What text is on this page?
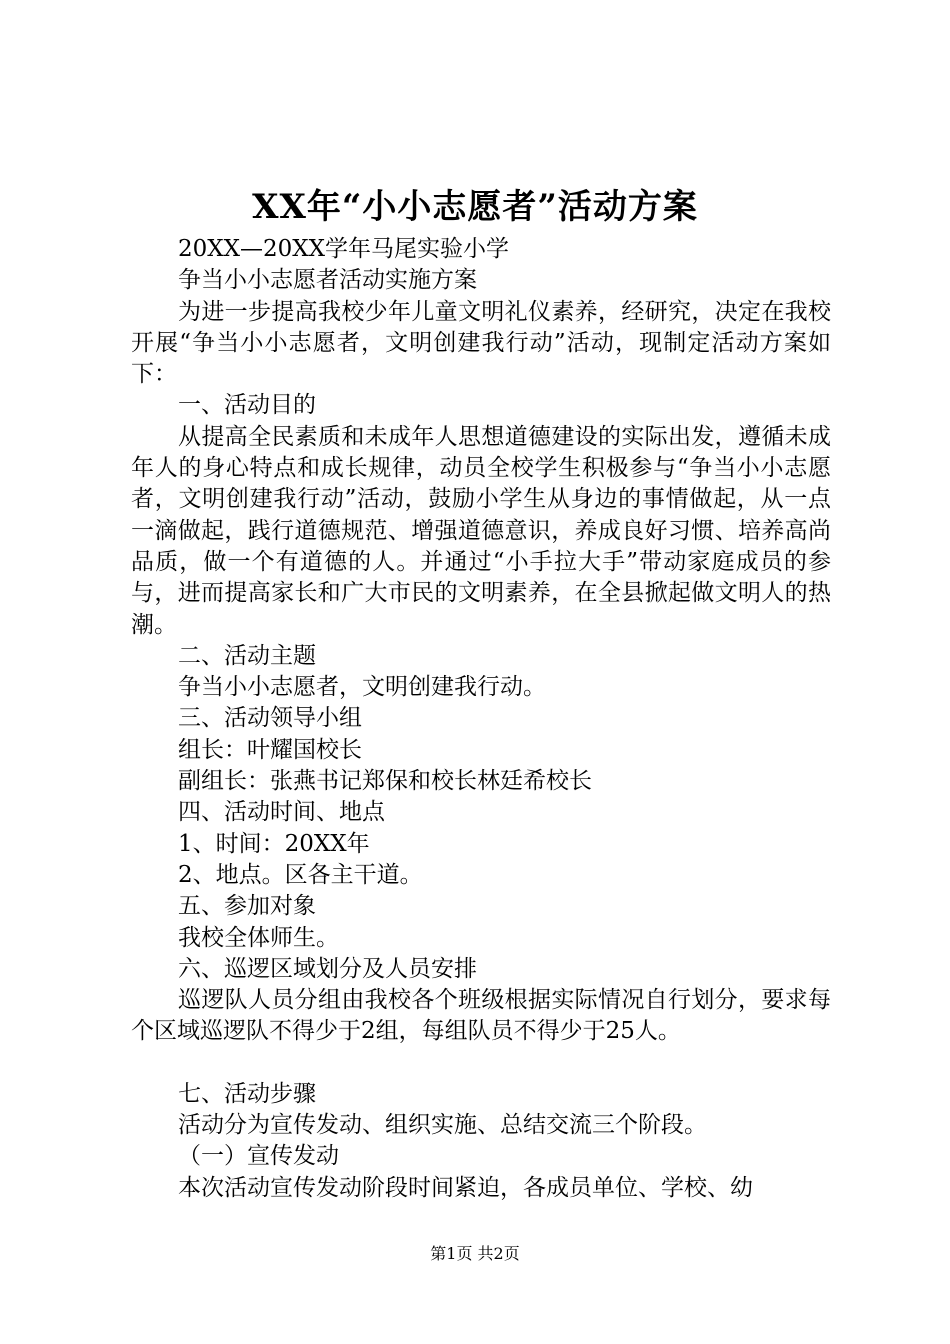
XX年“小小志愿者”活动方案

20XX—20XX学年马尾实验小学

争当小小志愿者活动实施方案

为进一步提高我校少年儿童文明礼仪素养，经研究，决定在我校开展“争当小小志愿者，文明创建我行动”活动，现制定活动方案如下：

一、活动目的

从提高全民素质和未成年人思想道德建设的实际出发，遵循未成年人的身心特点和成长规律，动员全校学生积极参与“争当小小志愿者，文明创建我行动”活动，鼓励小学生从身边的事情做起，从一点一滴做起，践行道德规范、增强道德意识，养成良好习惯、培养高尚品质，做一个有道德的人。并通过“小手拉大手”带动家庭成员的参与，进而提高家长和广大市民的文明素养，在全县掀起做文明人的热潮。

二、活动主题

争当小小志愿者，文明创建我行动。

三、活动领导小组

组长：叶耀国校长

副组长：张燕书记郑保和校长林廷希校长

四、活动时间、地点

1、时间：20XX年

2、地点。区各主干道。

五、参加对象

我校全体师生。

六、巡逻区域划分及人员安排

巡逻队人员分组由我校各个班级根据实际情况自行划分，要求每个区域巡逻队不得少于2组，每组队员不得少于25人。

七、活动步骤

活动分为宣传发动、组织实施、总结交流三个阶段。

（一）宣传发动

本次活动宣传发动阶段时间紧迫，各成员单位、学校、幼

第1页 共2页
